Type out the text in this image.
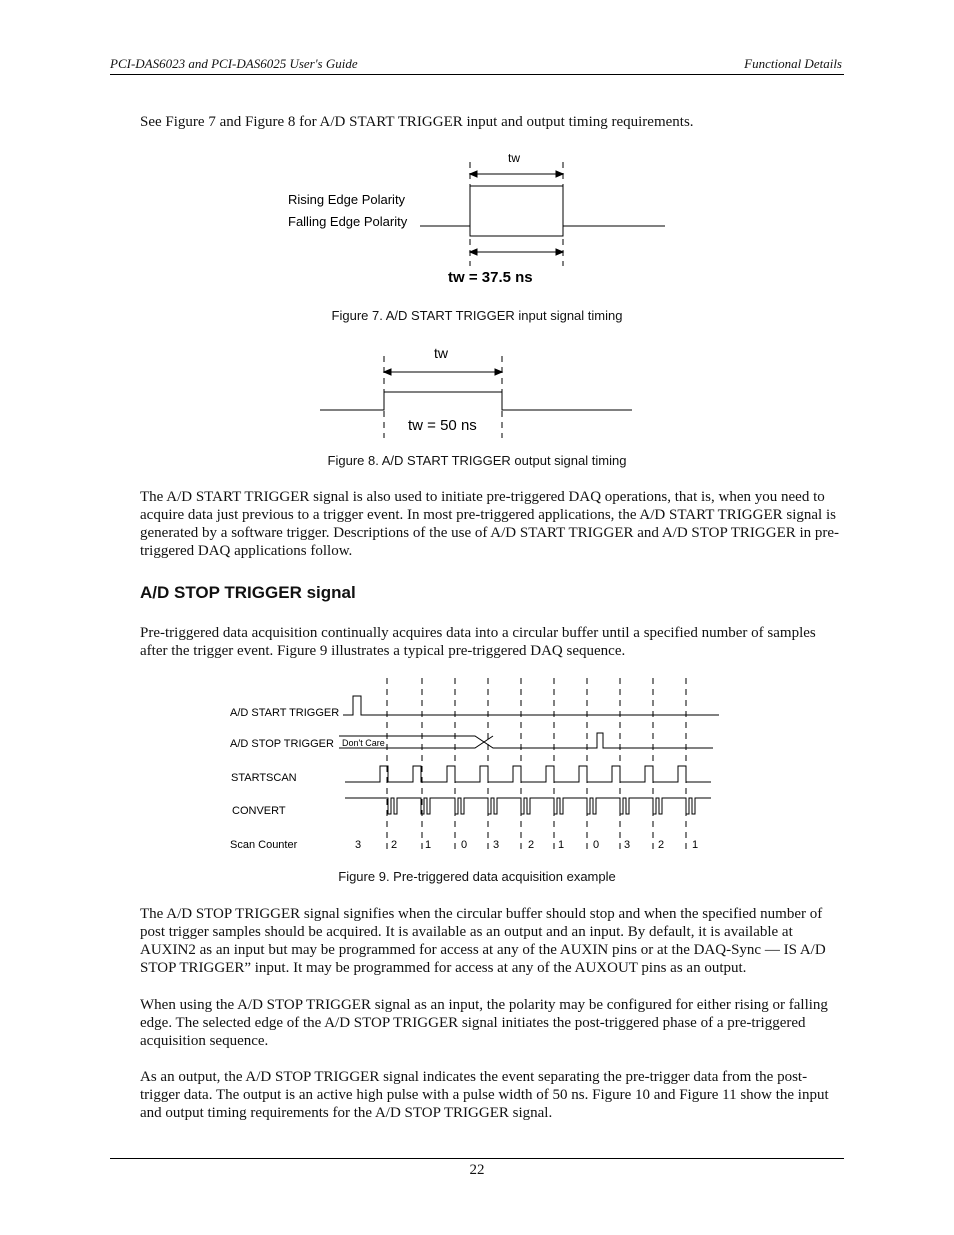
PCI-DAS6023 and PCI-DAS6025 User's Guide	Functional Details
See Figure 7 and Figure 8 for A/D START TRIGGER input and output timing requirements.
tw
Rising Edge Polarity
Falling Edge Polarity
tw = 37.5 ns
Figure 7. A/D START TRIGGER input signal timing
tw
tw = 50 ns
Figure 8. A/D START TRIGGER output signal timing
The A/D START TRIGGER signal is also used to initiate pre-triggered DAQ operations, that is, when you need to acquire data just previous to a trigger event. In most pre-triggered applications, the A/D START TRIGGER signal is generated by a software trigger. Descriptions of the use of A/D START TRIGGER and A/D STOP TRIGGER in pre-triggered DAQ applications follow.
A/D STOP TRIGGER signal
Pre-triggered data acquisition continually acquires data into a circular buffer until a specified number of samples after the trigger event. Figure 9 illustrates a typical pre-triggered DAQ sequence.
A/D START TRIGGER
A/D STOP TRIGGER
STARTSCAN
CONVERT
Scan Counter
Don't Care
3	2	1	0 3	2 1	0 3	2	1
Figure 9. Pre-triggered data acquisition example
The A/D STOP TRIGGER signal signifies when the circular buffer should stop and when the specified number of post trigger samples should be acquired. It is available as an output and an input. By default, it is available at AUXIN2 as an input but may be programmed for access at any of the AUXIN pins or at the DAQ-Sync — IS A/D STOP TRIGGER” input. It may be programmed for access at any of the AUXOUT pins as an output.
When using the A/D STOP TRIGGER signal as an input, the polarity may be configured for either rising or falling edge. The selected edge of the A/D STOP TRIGGER signal initiates the post-triggered phase of a pre-triggered acquisition sequence.
As an output, the A/D STOP TRIGGER signal indicates the event separating the pre-trigger data from the post-trigger data. The output is an active high pulse with a pulse width of 50 ns. Figure 10 and Figure 11 show the input and output timing requirements for the A/D STOP TRIGGER signal.
22
